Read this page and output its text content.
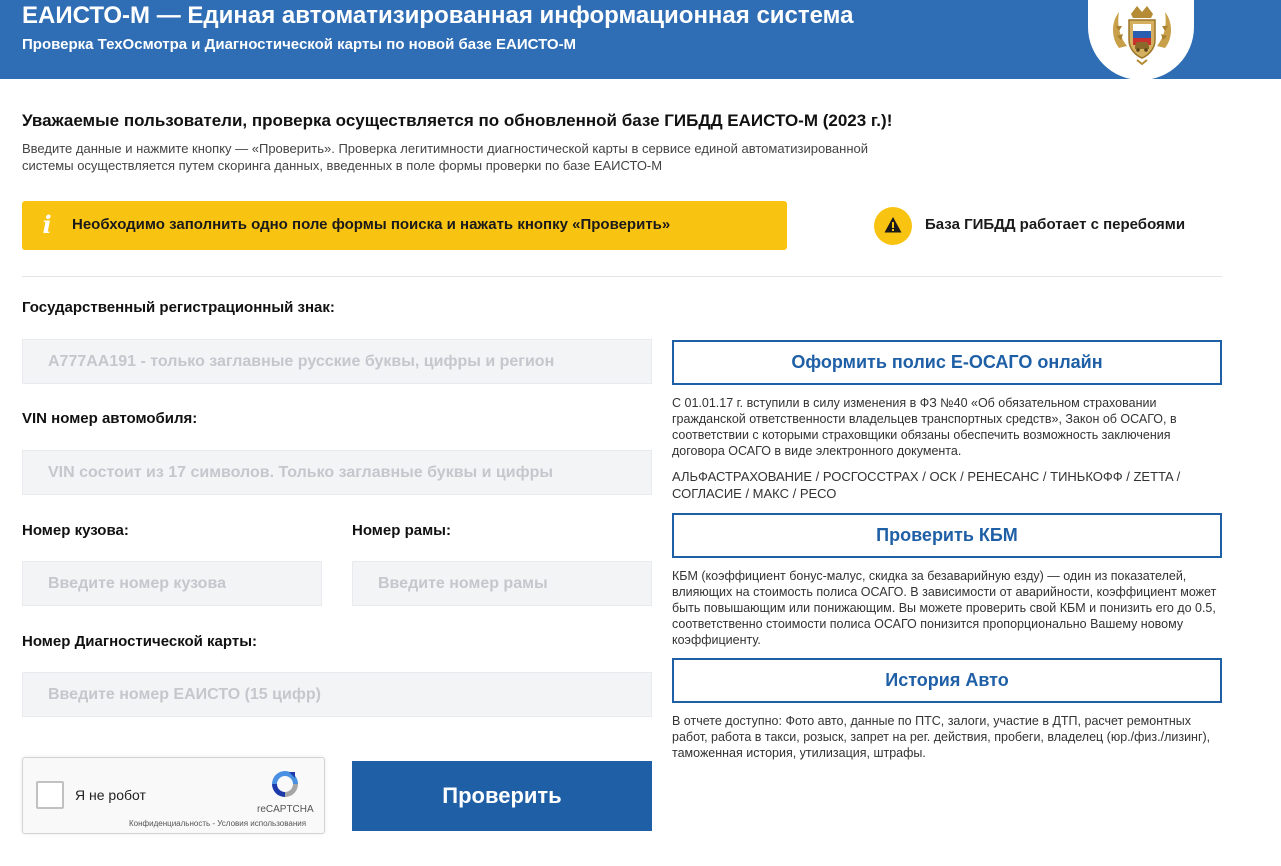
ЕАИСТО-М — Единая автоматизированная информационная система
Проверка ТехОсмотра и Диагностической карты по новой базе ЕАИСТО-М
Уважаемые пользователи, проверка осуществляется по обновленной базе ГИБДД ЕАИСТО-М (2023 г.)!
Введите данные и нажмите кнопку — «Проверить». Проверка легитимности диагностической карты в сервисе единой автоматизированной системы осуществляется путем скоринга данных, введенных в поле формы проверки по базе ЕАИСТО-М
i Необходимо заполнить одно поле формы поиска и нажать кнопку «Проверить»	База ГИБДД работает с перебоями
Государственный регистрационный знак:
А777АА191 - только заглавные русские буквы, цифры и регион
VIN номер автомобиля:
VIN состоит из 17 символов. Только заглавные буквы и цифры
Номер кузова:
Введите номер кузова	Номер рамы:
Введите номер рамы
Номер Диагностической карты:
Введите номер ЕАИСТО (15 цифр)
Я не робот
reCAPTCHA
Конфиденциальность - Условия использования
Проверить
Оформить полис Е-ОСАГО онлайн
С 01.01.17 г. вступили в силу изменения в ФЗ №40 «Об обязательном страховании гражданской ответственности владельцев транспортных средств», Закон об ОСАГО, в соответствии с которыми страховщики обязаны обеспечить возможность заключения договора ОСАГО в виде электронного документа.
АЛЬФАСТРАХОВАНИЕ / РОСГОССТРАХ / ОСК / РЕНЕСАНС / ТИНЬКОФФ / ZETTA / СОГЛАСИЕ / МАКС / РЕСО
Проверить КБМ
КБМ (коэффициент бонус-малус, скидка за безаварийную езду) — один из показателей, влияющих на стоимость полиса ОСАГО. В зависимости от аварийности, коэффициент может быть повышающим или понижающим. Вы можете проверить свой КБМ и понизить его до 0.5, соответственно стоимости полиса ОСАГО понизится пропорционально Вашему новому коэффициенту.
История Авто
В отчете доступно: Фото авто, данные по ПТС, залоги, участие в ДТП, расчет ремонтных работ, работа в такси, розыск, запрет на рег. действия, пробеги, владелец (юр./физ./лизинг), таможенная история, утилизация, штрафы.
